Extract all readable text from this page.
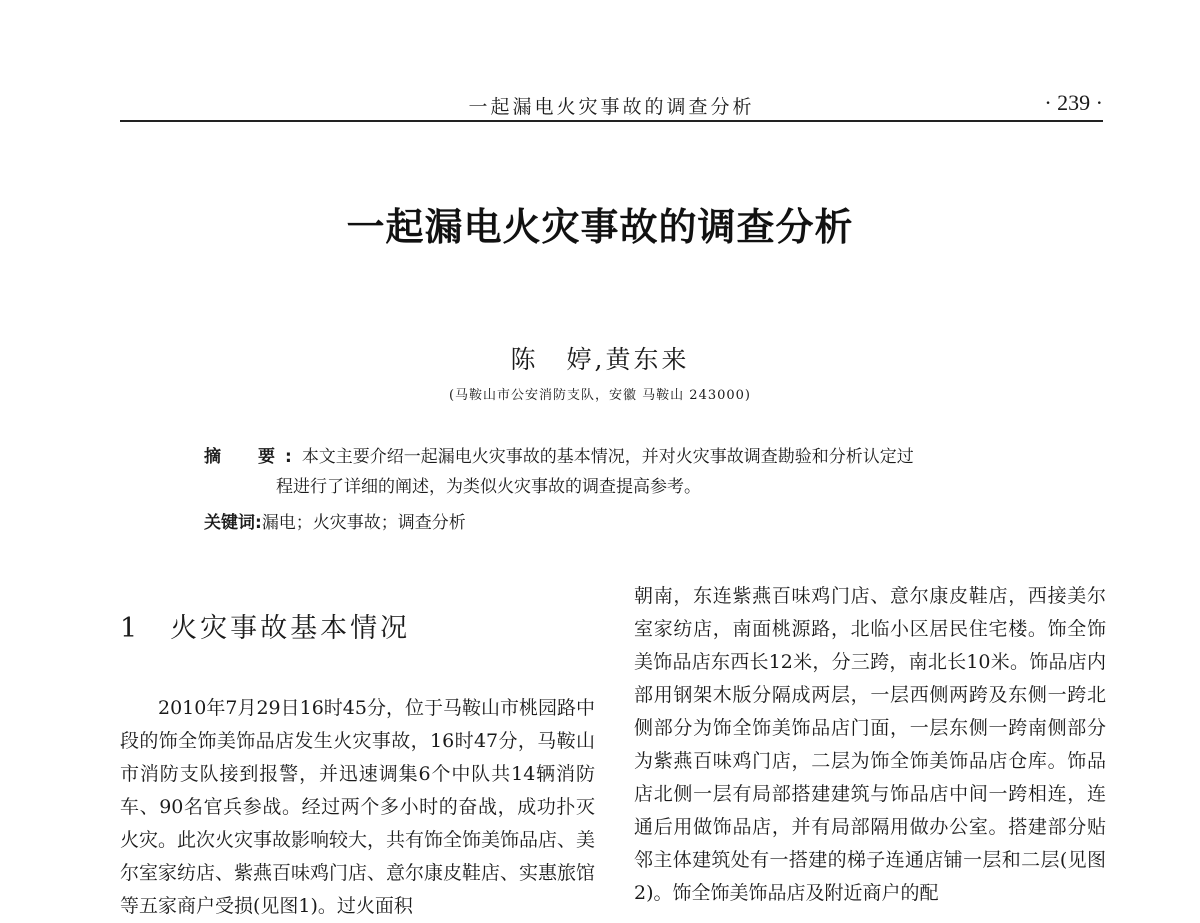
一起漏电火灾事故的调查分析	· 239 ·
一起漏电火灾事故的调查分析
陈　婷,黄东来
(马鞍山市公安消防支队，安徽 马鞍山 243000)
摘　要:本文主要介绍一起漏电火灾事故的基本情况，并对火灾事故调查勘验和分析认定过
程进行了详细的阐述，为类似火灾事故的调查提高参考。
关键词:漏电；火灾事故；调查分析
1　火灾事故基本情况

2010年7月29日16时45分，位于马鞍山市桃园路中段的饰全饰美饰品店发生火灾事故，16时47分，马鞍山市消防支队接到报警，并迅速调集6个中队共14辆消防车、90名官兵参战。经过两个多小时的奋战，成功扑灭火灾。此次火灾事故影响较大，共有饰全饰美饰品店、美尔室家纺店、紫燕百味鸡门店、意尔康皮鞋店、实惠旅馆等五家商户受损(见图1)。过火面积

朝南，东连紫燕百味鸡门店、意尔康皮鞋店，西接美尔室家纺店，南面桃源路，北临小区居民住宅楼。饰全饰美饰品店东西长12米，分三跨，南北长10米。饰品店内部用钢架木版分隔成两层，一层西侧两跨及东侧一跨北侧部分为饰全饰美饰品店门面，一层东侧一跨南侧部分为紫燕百味鸡门店，二层为饰全饰美饰品店仓库。饰品店北侧一层有局部搭建建筑与饰品店中间一跨相连，连通后用做饰品店，并有局部隔用做办公室。搭建部分贴邻主体建筑处有一搭建的梯子连通店铺一层和二层(见图2)。饰全饰美饰品店及附近商户的配
